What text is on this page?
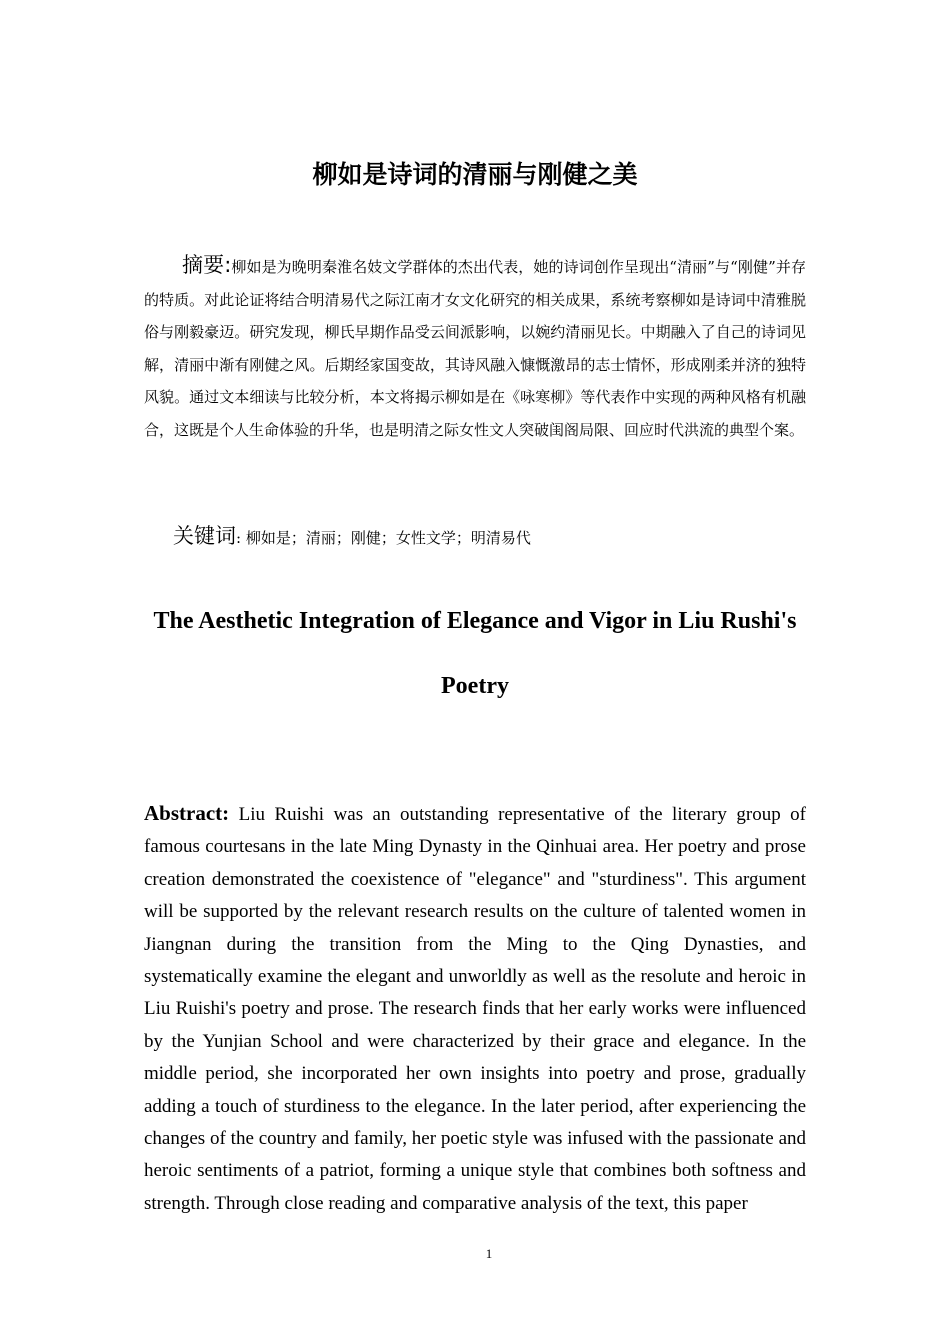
柳如是诗词的清丽与刚健之美

摘要:柳如是为晚明秦淮名妓文学群体的杰出代表，她的诗词创作呈现出“清丽”与“刚健”并存的特质。对此论证将结合明清易代之际江南才女文化研究的相关成果，系统考察柳如是诗词中清雅脱俗与刚毅豪迈。研究发现，柳氏早期作品受云间派影响，以婉约清丽见长。中期融入了自己的诗词见解，清丽中渐有刚健之风。后期经家国变故，其诗风融入慷慨激昂的志士情怀，形成刚柔并济的独特风貌。通过文本细读与比较分析，本文将揭示柳如是在《咏寒柳》等代表作中实现的两种风格有机融合，这既是个人生命体验的升华，也是明清之际女性文人突破闺阁局限、回应时代洪流的典型个案。

关键词: 柳如是；清丽；刚健；女性文学；明清易代

The Aesthetic Integration of Elegance and Vigor in Liu Rushi's Poetry

Abstract: Liu Ruishi was an outstanding representative of the literary group of famous courtesans in the late Ming Dynasty in the Qinhuai area. Her poetry and prose creation demonstrated the coexistence of "elegance" and "sturdiness". This argument will be supported by the relevant research results on the culture of talented women in Jiangnan during the transition from the Ming to the Qing Dynasties, and systematically examine the elegant and unworldly as well as the resolute and heroic in Liu Ruishi's poetry and prose. The research finds that her early works were influenced by the Yunjian School and were characterized by their grace and elegance. In the middle period, she incorporated her own insights into poetry and prose, gradually adding a touch of sturdiness to the elegance. In the later period, after experiencing the changes of the country and family, her poetic style was infused with the passionate and heroic sentiments of a patriot, forming a unique style that combines both softness and strength. Through close reading and comparative analysis of the text, this paper

1
